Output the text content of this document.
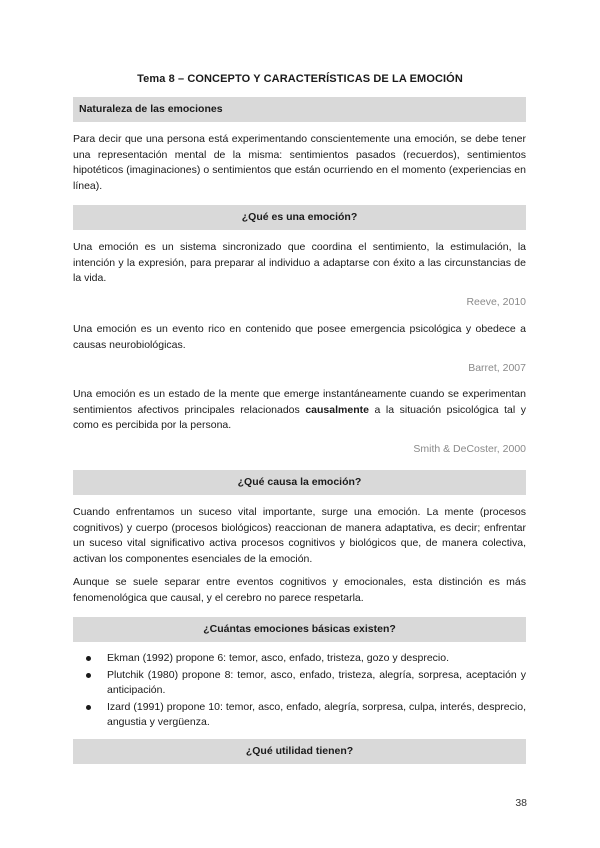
Tema 8 – CONCEPTO Y CARACTERÍSTICAS DE LA EMOCIÓN
Naturaleza de las emociones

Para decir que una persona está experimentando conscientemente una emoción, se debe tener una representación mental de la misma: sentimientos pasados (recuerdos), sentimientos hipotéticos (imaginaciones) o sentimientos que están ocurriendo en el momento (experiencias en línea).

¿Qué es una emoción?

Una emoción es un sistema sincronizado que coordina el sentimiento, la estimulación, la intención y la expresión, para preparar al individuo a adaptarse con éxito a las circunstancias de la vida.

Reeve, 2010

Una emoción es un evento rico en contenido que posee emergencia psicológica y obedece a causas neurobiológicas.

Barret, 2007

Una emoción es un estado de la mente que emerge instantáneamente cuando se experimentan sentimientos afectivos principales relacionados causalmente a la situación psicológica tal y como es percibida por la persona.

Smith & DeCoster, 2000

¿Qué causa la emoción?

Cuando enfrentamos un suceso vital importante, surge una emoción. La mente (procesos cognitivos) y cuerpo (procesos biológicos) reaccionan de manera adaptativa, es decir; enfrentar un suceso vital significativo activa procesos cognitivos y biológicos que, de manera colectiva, activan los componentes esenciales de la emoción.

Aunque se suele separar entre eventos cognitivos y emocionales, esta distinción es más fenomenológica que causal, y el cerebro no parece respetarla.

¿Cuántas emociones básicas existen?
Ekman (1992) propone 6: temor, asco, enfado, tristeza, gozo y desprecio.
Plutchik (1980) propone 8: temor, asco, enfado, tristeza, alegría, sorpresa, aceptación y anticipación.
Izard (1991) propone 10: temor, asco, enfado, alegría, sorpresa, culpa, interés, desprecio, angustia y vergüenza.
¿Qué utilidad tienen?
38
